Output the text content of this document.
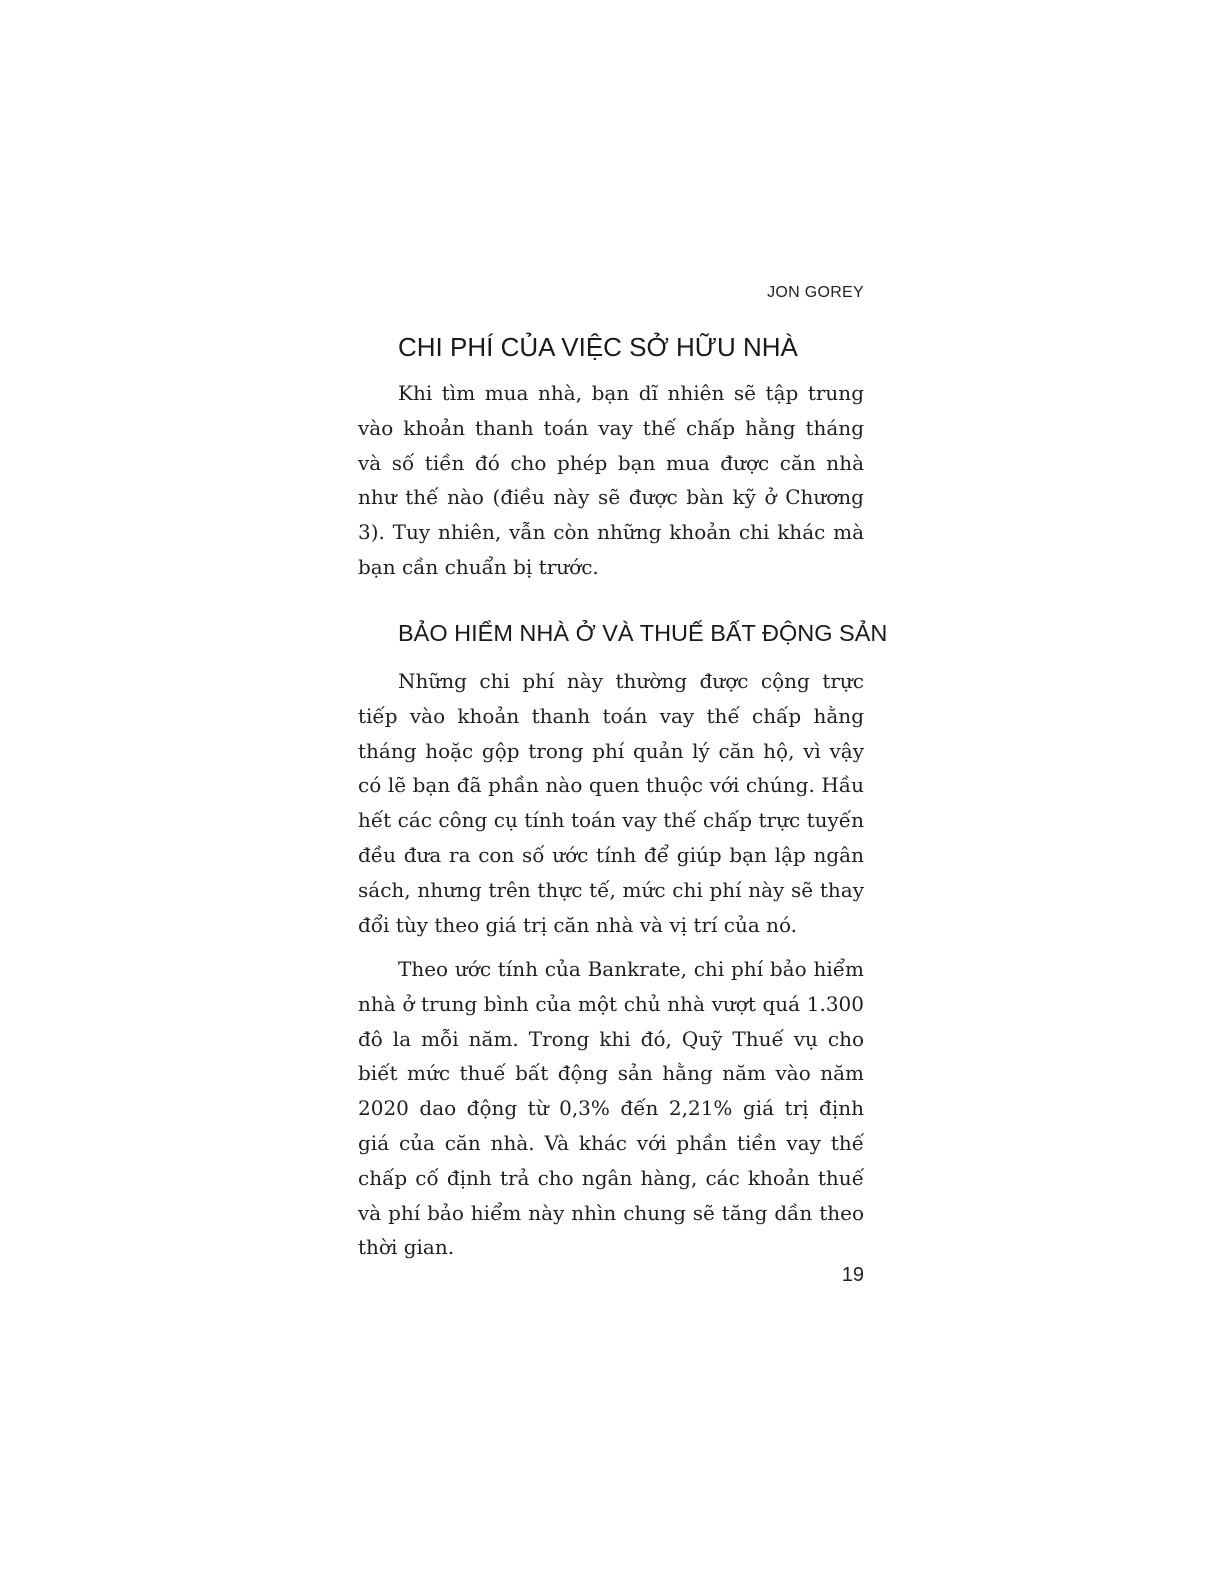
JON GOREY
CHI PHÍ CỦA VIỆC SỞ HỮU NHÀ

Khi tìm mua nhà, bạn dĩ nhiên sẽ tập trung vào khoản thanh toán vay thế chấp hằng tháng và số tiền đó cho phép bạn mua được căn nhà như thế nào (điều này sẽ được bàn kỹ ở Chương 3). Tuy nhiên, vẫn còn những khoản chi khác mà bạn cần chuẩn bị trước.

BẢO HIỂM NHÀ Ở VÀ THUẾ BẤT ĐỘNG SẢN

Những chi phí này thường được cộng trực tiếp vào khoản thanh toán vay thế chấp hằng tháng hoặc gộp trong phí quản lý căn hộ, vì vậy có lẽ bạn đã phần nào quen thuộc với chúng. Hầu hết các công cụ tính toán vay thế chấp trực tuyến đều đưa ra con số ước tính để giúp bạn lập ngân sách, nhưng trên thực tế, mức chi phí này sẽ thay đổi tùy theo giá trị căn nhà và vị trí của nó.

Theo ước tính của Bankrate, chi phí bảo hiểm nhà ở trung bình của một chủ nhà vượt quá 1.300 đô la mỗi năm. Trong khi đó, Quỹ Thuế vụ cho biết mức thuế bất động sản hằng năm vào năm 2020 dao động từ 0,3% đến 2,21% giá trị định giá của căn nhà. Và khác với phần tiền vay thế chấp cố định trả cho ngân hàng, các khoản thuế và phí bảo hiểm này nhìn chung sẽ tăng dần theo thời gian.

19
